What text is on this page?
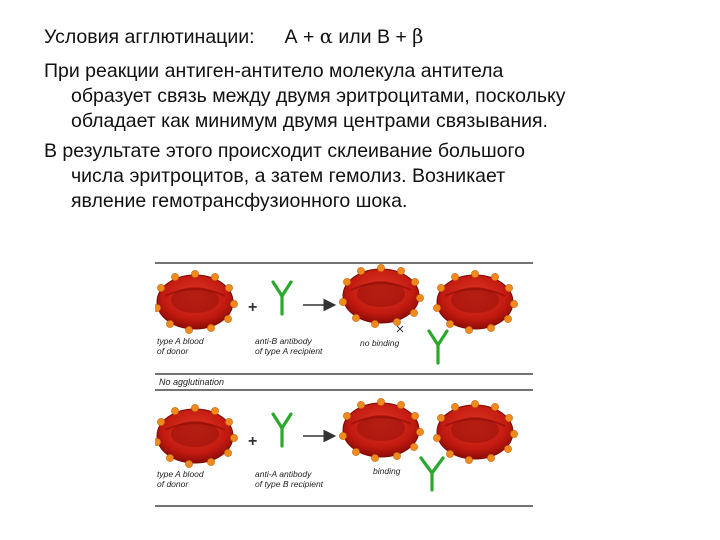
Условия агглютинации: А + α или В + β

При реакции антиген-антитело молекула антитела
образует связь между двумя эритроцитами, поскольку
обладает как минимум двумя центрами связывания.

В результате этого происходит склеивание большого
числа эритроцитов, а затем гемолиз. Возникает
явление гемотрансфузионного шока.

+
type A blood
of donor
anti-B antibody
of type A recipient
no binding
No agglutination
+
type A blood
of donor
anti-A antibody
of type B recipient
binding
